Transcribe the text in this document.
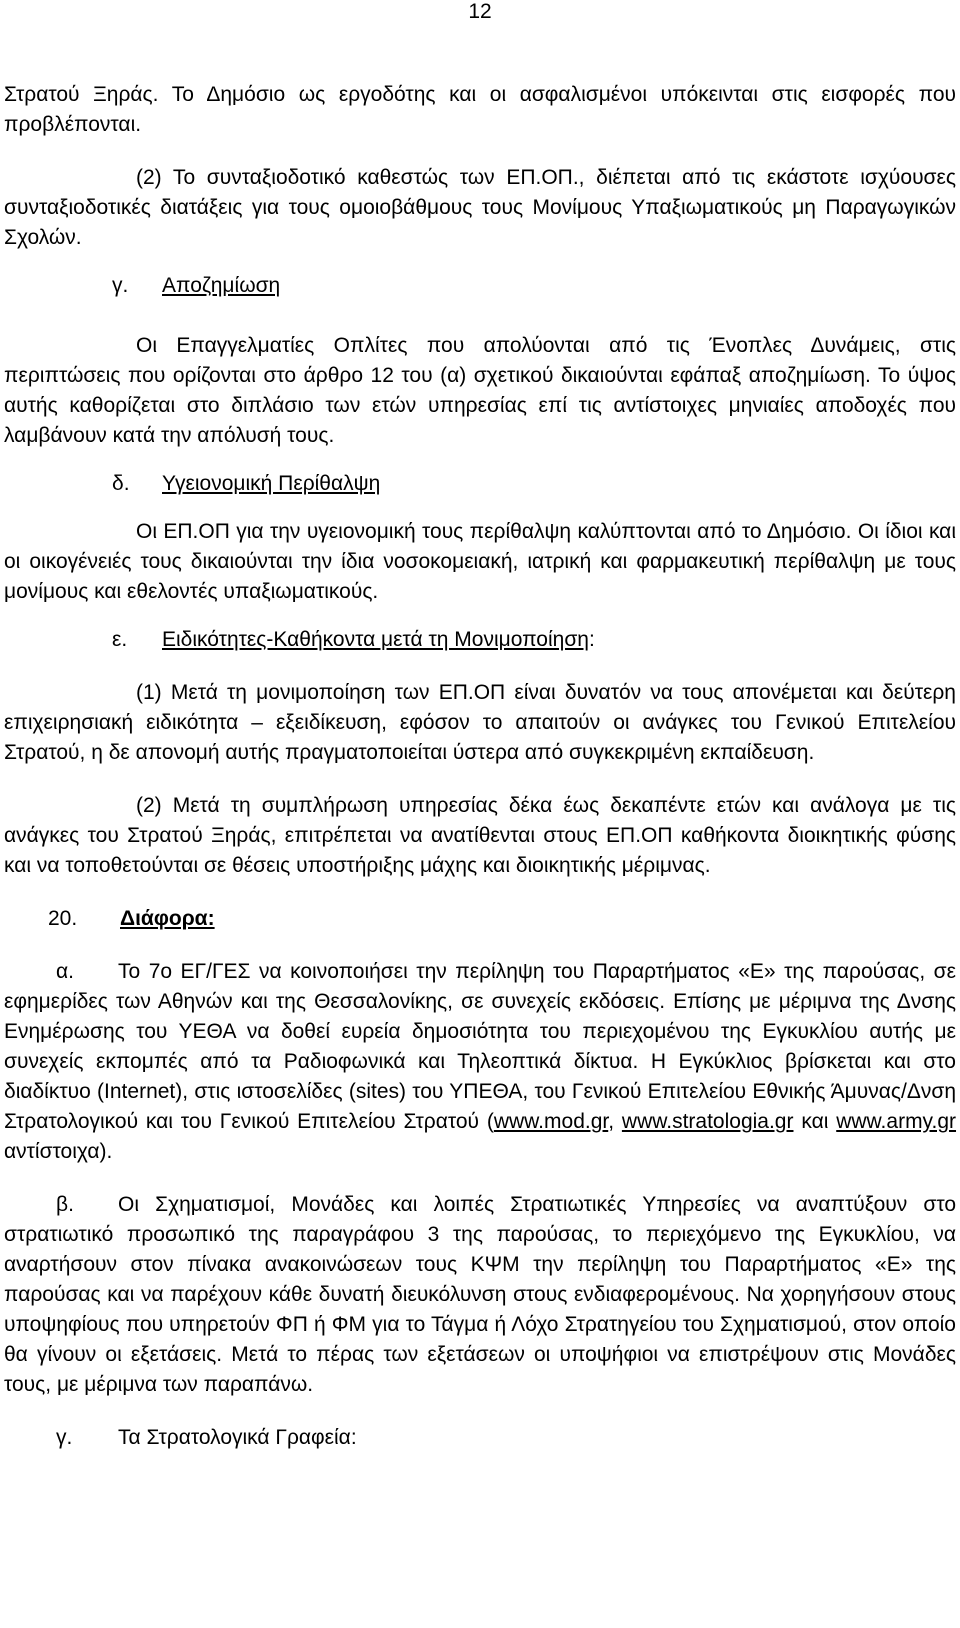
12

Στρατού Ξηράς. Το Δημόσιο ως εργοδότης και οι ασφαλισμένοι υπόκεινται στις εισφορές που προβλέπονται.

(2) Το συνταξιοδοτικό καθεστώς των ΕΠ.ΟΠ., διέπεται από τις εκάστοτε ισχύουσες συνταξιοδοτικές διατάξεις για τους ομοιοβάθμους τους Μονίμους Υπαξιωματικούς μη Παραγωγικών Σχολών.

γ.	Αποζημίωση

Οι Επαγγελματίες Οπλίτες που απολύονται από τις Ένοπλες Δυνάμεις, στις περιπτώσεις που ορίζονται στο άρθρο 12 του (α) σχετικού δικαιούνται εφάπαξ αποζημίωση. Το ύψος αυτής καθορίζεται στο διπλάσιο των ετών υπηρεσίας επί τις αντίστοιχες μηνιαίες αποδοχές που λαμβάνουν κατά την απόλυσή τους.

δ.	Υγειονομική Περίθαλψη

Οι ΕΠ.ΟΠ για την υγειονομική τους περίθαλψη καλύπτονται από το Δημόσιο. Οι ίδιοι και οι οικογένειές τους δικαιούνται την ίδια νοσοκομειακή, ιατρική και φαρμακευτική περίθαλψη με τους μονίμους και εθελοντές υπαξιωματικούς.

ε.	Ειδικότητες-Καθήκοντα μετά τη Μονιμοποίηση :

(1) Μετά τη μονιμοποίηση των ΕΠ.ΟΠ είναι δυνατόν να τους απονέμεται και δεύτερη επιχειρησιακή ειδικότητα – εξειδίκευση, εφόσον το απαιτούν οι ανάγκες του Γενικού Επιτελείου Στρατού, η δε απονομή αυτής πραγματοποιείται ύστερα από συγκεκριμένη εκπαίδευση.

(2) Μετά τη συμπλήρωση υπηρεσίας δέκα έως δεκαπέντε ετών και ανάλογα με τις ανάγκες του Στρατού Ξηράς, επιτρέπεται να ανατίθενται στους ΕΠ.ΟΠ καθήκοντα διοικητικής φύσης και να τοποθετούνται σε θέσεις υποστήριξης μάχης και διοικητικής μέριμνας.

20.	Διάφορα:

α. Το 7ο ΕΓ/ΓΕΣ να κοινοποιήσει την περίληψη του Παραρτήματος «Ε» της παρούσας, σε εφημερίδες των Αθηνών και της Θεσσαλονίκης, σε συνεχείς εκδόσεις. Επίσης με μέριμνα της Δνσης Ενημέρωσης του ΥΕΘΑ να δοθεί ευρεία δημοσιότητα του περιεχομένου της Εγκυκλίου αυτής με συνεχείς εκπομπές από τα Ραδιοφωνικά και Τηλεοπτικά δίκτυα. Η Εγκύκλιος βρίσκεται και στο διαδίκτυο (Internet), στις ιστοσελίδες (sites) του ΥΠΕΘΑ, του Γενικού Επιτελείου Εθνικής Άμυνας/Δνση Στρατολογικού και του Γενικού Επιτελείου Στρατού (www.mod.gr, www.stratologia.gr και www.army.gr αντίστοιχα).

β. Οι Σχηματισμοί, Μονάδες και λοιπές Στρατιωτικές Υπηρεσίες να αναπτύξουν στο στρατιωτικό προσωπικό της παραγράφου 3 της παρούσας, το περιεχόμενο της Εγκυκλίου, να αναρτήσουν στον πίνακα ανακοινώσεων τους ΚΨΜ την περίληψη του Παραρτήματος «Ε» της παρούσας και να παρέχουν κάθε δυνατή διευκόλυνση στους ενδιαφερομένους. Να χορηγήσουν στους υποψηφίους που υπηρετούν ΦΠ ή ΦΜ για το Τάγμα ή Λόχο Στρατηγείου του Σχηματισμού, στον οποίο θα γίνουν οι εξετάσεις. Μετά το πέρας των εξετάσεων οι υποψήφιοι να επιστρέψουν στις Μονάδες τους, με μέριμνα των παραπάνω.

γ.	Τα Στρατολογικά Γραφεία:
